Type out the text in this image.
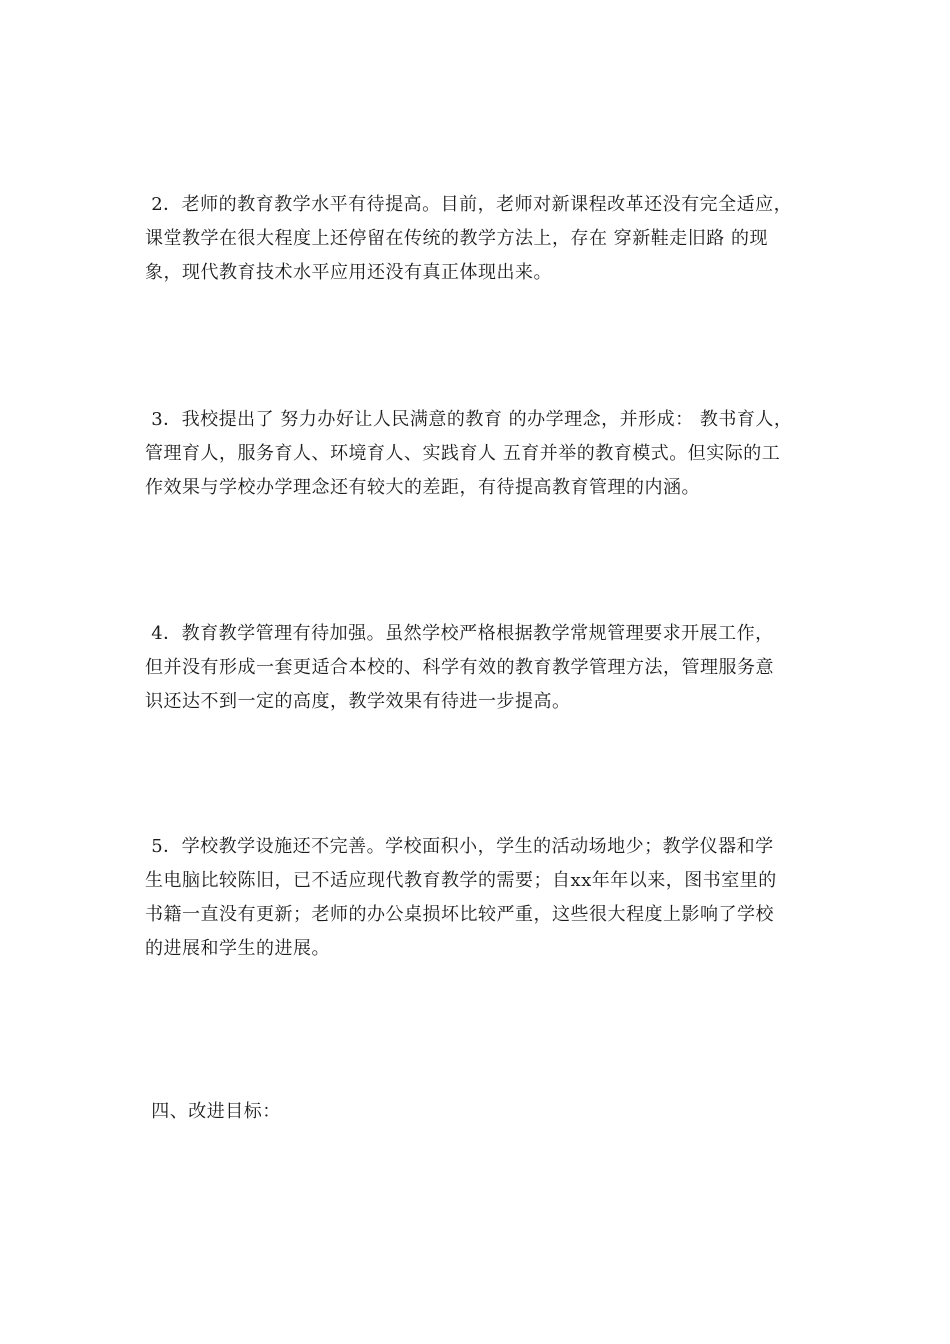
2．老师的教育教学水平有待提高。目前，老师对新课程改革还没有完全适应，
课堂教学在很大程度上还停留在传统的教学方法上，存在 穿新鞋走旧路 的现
象，现代教育技术水平应用还没有真正体现出来。
3．我校提出了 努力办好让人民满意的教育 的办学理念，并形成： 教书育人，
管理育人，服务育人、环境育人、实践育人 五育并举的教育模式。但实际的工
作效果与学校办学理念还有较大的差距，有待提高教育管理的内涵。
4．教育教学管理有待加强。虽然学校严格根据教学常规管理要求开展工作，
但并没有形成一套更适合本校的、科学有效的教育教学管理方法，管理服务意
识还达不到一定的高度，教学效果有待进一步提高。
5．学校教学设施还不完善。学校面积小，学生的活动场地少；教学仪器和学
生电脑比较陈旧，已不适应现代教育教学的需要；自xx年年以来，图书室里的
书籍一直没有更新；老师的办公桌损坏比较严重，这些很大程度上影响了学校
的进展和学生的进展。
四、改进目标：
